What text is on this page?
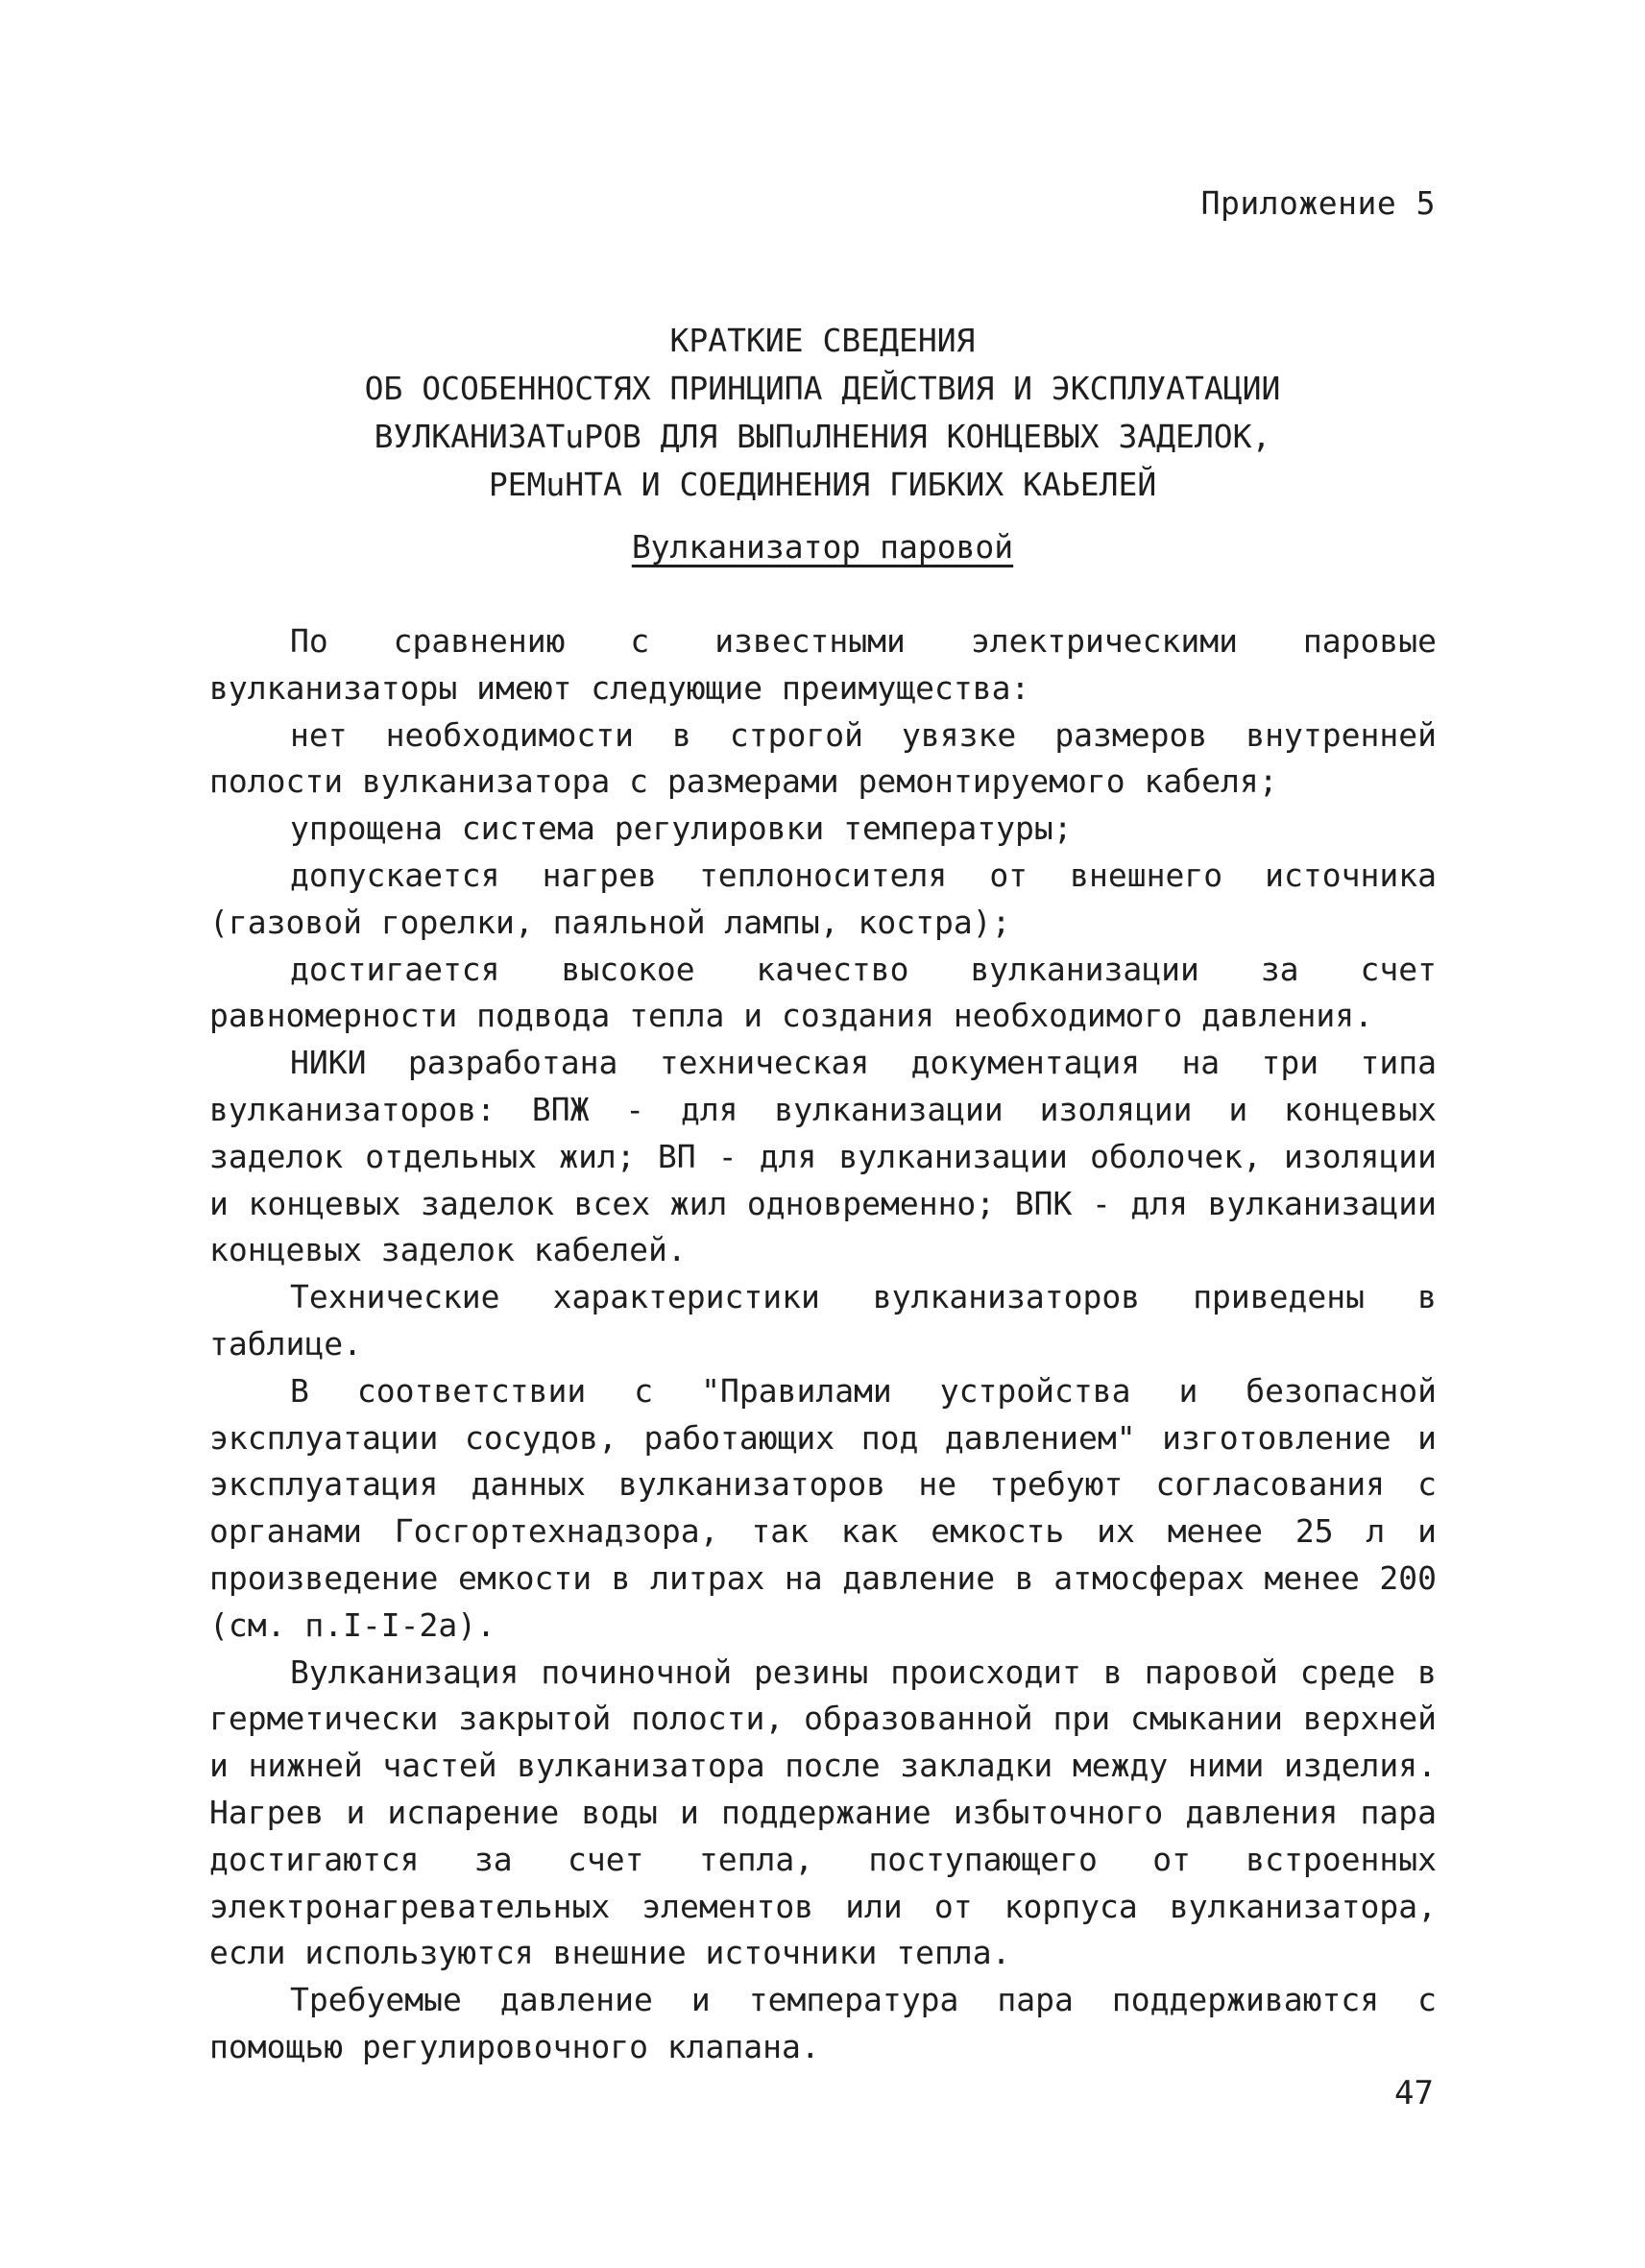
Приложение 5
КРАТКИЕ СВЕДЕНИЯ
ОБ ОСОБЕННОСТЯХ ПРИНЦИПА ДЕЙСТВИЯ И ЭКСПЛУАТАЦИИ
ВУЛКАНИЗАТuРОВ ДЛЯ ВЫПuЛНЕНИЯ КОНЦЕВЫХ ЗАДЕЛОК,
РЕМuНТА И СОЕДИНЕНИЯ ГИБКИХ КАЬЕЛЕЙ
Вулканизатор паровой

По сравнению с известными электрическими паровые вулканизаторы имеют следующие преимущества:

нет необходимости в строгой увязке размеров внутренней полости вулканизатора с размерами ремонтируемого кабеля;

упрощена система регулировки температуры;

допускается нагрев теплоносителя от внешнего источника (газовой горелки, паяльной лампы, костра);

достигается высокое качество вулканизации за счет равномерности подвода тепла и создания необходимого давления.

НИКИ разработана техническая документация на три типа вулканизаторов: ВПЖ - для вулканизации изоляции и концевых заделок отдельных жил; ВП - для вулканизации оболочек, изоляции и концевых заделок всех жил одновременно; ВПК - для вулканизации концевых заделок кабелей.

Технические характеристики вулканизаторов приведены в таблице.

В соответствии с "Правилами устройства и безопасной эксплуатации сосудов, работающих под давлением" изготовление и эксплуатация данных вулканизаторов не требуют согласования с органами Госгортехнадзора, так как емкость их менее 25 л и произведение емкости в литрах на давление в атмосферах менее 200 (см. п.I-I-2а).

Вулканизация починочной резины происходит в паровой среде в герметически закрытой полости, образованной при смыкании верхней и нижней частей вулканизатора после закладки между ними изделия. Нагрев и испарение воды и поддержание избыточного давления пара достигаются за счет тепла, поступающего от встроенных электронагревательных элементов или от корпуса вулканизатора, если используются внешние источники тепла.

Требуемые давление и температура пара поддерживаются с помощью регулировочного клапана.

47
